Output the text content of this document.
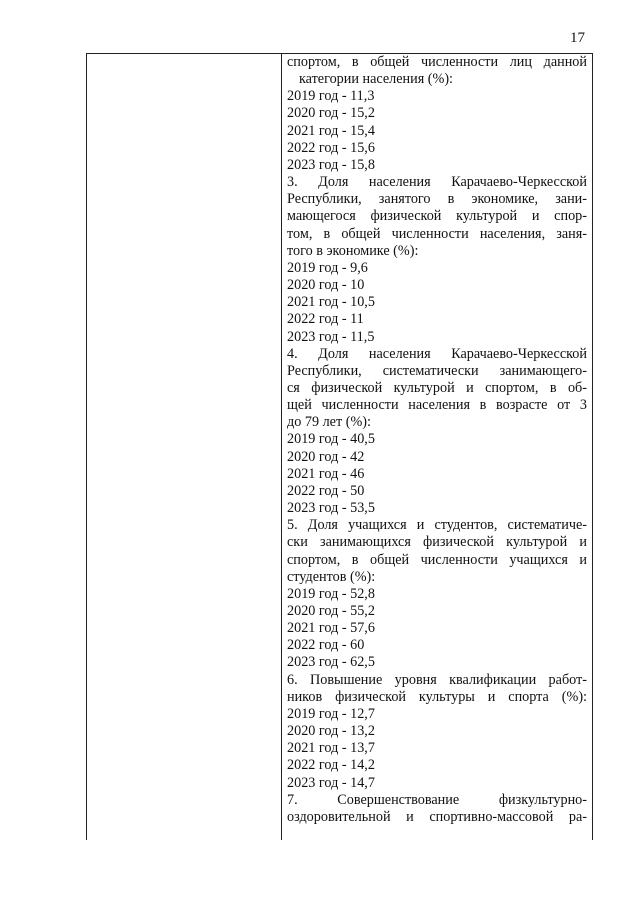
17
спортом, в общей численности лиц данной
категории населения (%):
2019 год - 11,3
2020 год - 15,2
2021 год - 15,4
2022 год - 15,6
2023 год - 15,8
3. Доля населения Карачаево-Черкесской
Республики, занятого в экономике, зани-
мающегося физической культурой и спор-
том, в общей численности населения, заня-
того в экономике (%):
2019 год - 9,6
2020 год - 10
2021 год - 10,5
2022 год - 11
2023 год - 11,5
4. Доля населения Карачаево-Черкесской
Республики, систематически занимающего-
ся физической культурой и спортом, в об-
щей численности населения в возрасте от 3
до 79 лет (%):
2019 год - 40,5
2020 год - 42
2021 год - 46
2022 год - 50
2023 год - 53,5
5. Доля учащихся и студентов, систематиче-
ски занимающихся физической культурой и
спортом, в общей численности учащихся и
студентов (%):
2019 год - 52,8
2020 год - 55,2
2021 год - 57,6
2022 год - 60
2023 год - 62,5
6. Повышение уровня квалификации работ-
ников физической культуры и спорта (%):
2019 год - 12,7
2020 год - 13,2
2021 год - 13,7
2022 год - 14,2
2023 год - 14,7
7. Совершенствование физкультурно-
оздоровительной и спортивно-массовой ра-
